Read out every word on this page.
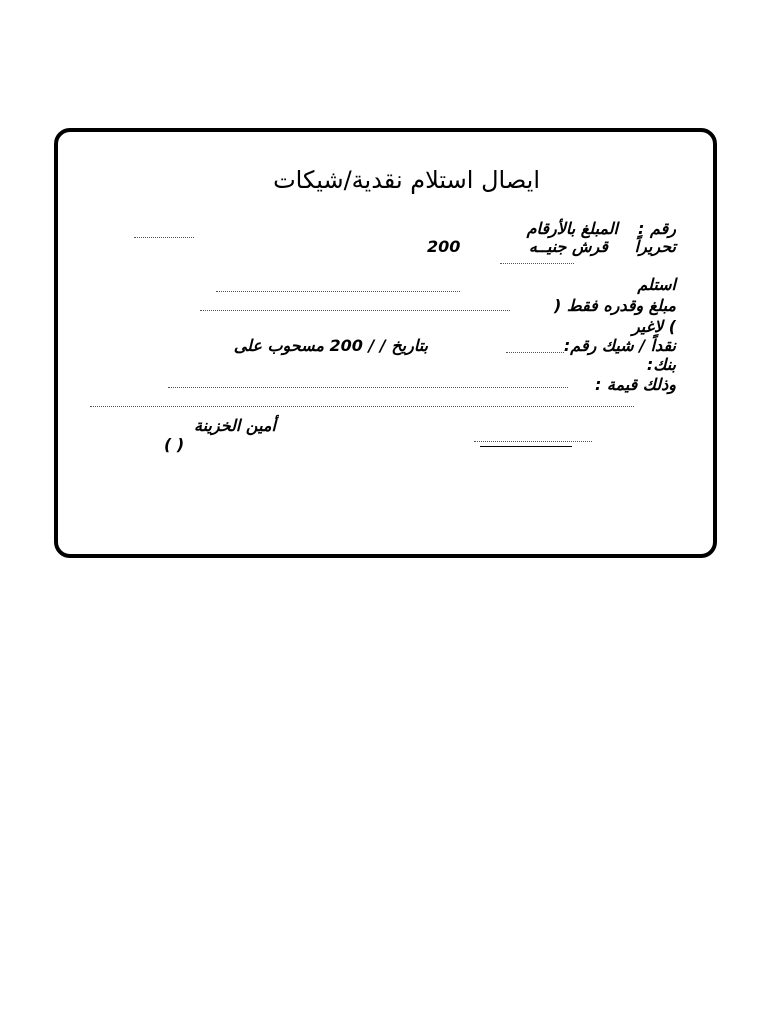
ايصال استلام نقدية/شيكات
رقم :
المبلغ بالأرقام
تحريراً
قرش جنيــه
200
استلم
مبلغ وقدره فقط (
) لاغير
نقداً / شيك رقم:
بتاريخ / / 200 مسحوب على
بنك:
وذلك قيمة :
أمين الخزينة
( )
